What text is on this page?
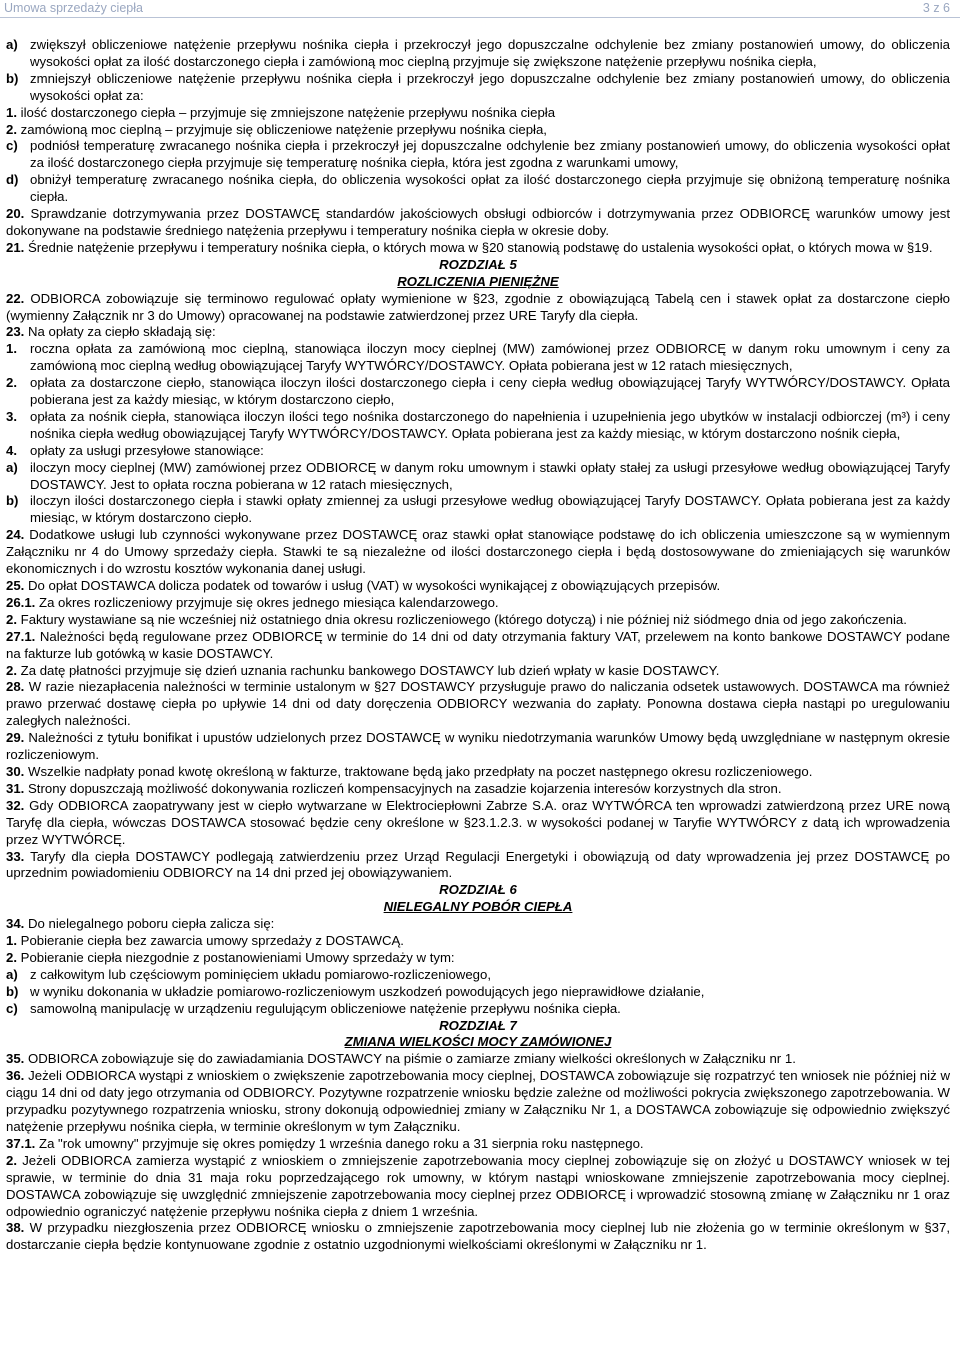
Umowa sprzedaży ciepła	3 z 6

a) zwiększył obliczeniowe natężenie przepływu nośnika ciepła i przekroczył jego dopuszczalne odchylenie bez zmiany postanowień umowy, do obliczenia wysokości opłat za ilość dostarczonego ciepła i zamówioną moc cieplną przyjmuje się zwiększone natężenie przepływu nośnika ciepła,

b) zmniejszył obliczeniowe natężenie przepływu nośnika ciepła i przekroczył jego dopuszczalne odchylenie bez zmiany postanowień umowy, do obliczenia wysokości opłat za:

1. ilość dostarczonego ciepła – przyjmuje się zmniejszone natężenie przepływu nośnika ciepła

2. zamówioną moc cieplną – przyjmuje się obliczeniowe natężenie przepływu nośnika ciepła,

c) podniósł temperaturę zwracanego nośnika ciepła i przekroczył jej dopuszczalne odchylenie bez zmiany postanowień umowy, do obliczenia wysokości opłat za ilość dostarczonego ciepła przyjmuje się temperaturę nośnika ciepła, która jest zgodna z warunkami umowy,

d) obniżył temperaturę zwracanego nośnika ciepła, do obliczenia wysokości opłat za ilość dostarczonego ciepła przyjmuje się obniżoną temperaturę nośnika ciepła.

20. Sprawdzanie dotrzymywania przez DOSTAWCĘ standardów jakościowych obsługi odbiorców i dotrzymywania przez ODBIORCĘ warunków umowy jest dokonywane na podstawie średniego natężenia przepływu i temperatury nośnika ciepła w okresie doby.

21. Średnie natężenie przepływu i temperatury nośnika ciepła, o których mowa w §20 stanowią podstawę do ustalenia wysokości opłat, o których mowa w §19.

ROZDZIAŁ 5

ROZLICZENIA PIENIĘŻNE

22. ODBIORCA zobowiązuje się terminowo regulować opłaty wymienione w §23, zgodnie z obowiązującą Tabelą cen i stawek opłat za dostarczone ciepło (wymienny Załącznik nr 3 do Umowy) opracowanej na podstawie zatwierdzonej przez URE Taryfy dla ciepła.

23. Na opłaty za ciepło składają się:

1. roczna opłata za zamówioną moc cieplną, stanowiąca iloczyn mocy cieplnej (MW) zamówionej przez ODBIORCĘ w danym roku umownym i ceny za zamówioną moc cieplną według obowiązującej Taryfy WYTWÓRCY/DOSTAWCY. Opłata pobierana jest w 12 ratach miesięcznych,

2. opłata za dostarczone ciepło, stanowiąca iloczyn ilości dostarczonego ciepła i ceny ciepła według obowiązującej Taryfy WYTWÓRCY/DOSTAWCY. Opłata pobierana jest za każdy miesiąc, w którym dostarczono ciepło,

3. opłata za nośnik ciepła, stanowiąca iloczyn ilości tego nośnika dostarczonego do napełnienia i uzupełnienia jego ubytków w instalacji odbiorczej (m³) i ceny nośnika ciepła według obowiązującej Taryfy WYTWÓRCY/DOSTAWCY. Opłata pobierana jest za każdy miesiąc, w którym dostarczono nośnik ciepła,

4. opłaty za usługi przesyłowe stanowiące:

a) iloczyn mocy cieplnej (MW) zamówionej przez ODBIORCĘ w danym roku umownym i stawki opłaty stałej za usługi przesyłowe według obowiązującej Taryfy DOSTAWCY. Jest to opłata roczna pobierana w 12 ratach miesięcznych,

b) iloczyn ilości dostarczonego ciepła i stawki opłaty zmiennej za usługi przesyłowe według obowiązującej Taryfy DOSTAWCY. Opłata pobierana jest za każdy miesiąc, w którym dostarczono ciepło.

24. Dodatkowe usługi lub czynności wykonywane przez DOSTAWCĘ oraz stawki opłat stanowiące podstawę do ich obliczenia umieszczone są w wymiennym Załączniku nr 4 do Umowy sprzedaży ciepła. Stawki te są niezależne od ilości dostarczonego ciepła i będą dostosowywane do zmieniających się warunków ekonomicznych i do wzrostu kosztów wykonania danej usługi.

25. Do opłat DOSTAWCA dolicza podatek od towarów i usług (VAT) w wysokości wynikającej z obowiązujących przepisów.

26.1. Za okres rozliczeniowy przyjmuje się okres jednego miesiąca kalendarzowego.

2. Faktury wystawiane są nie wcześniej niż ostatniego dnia okresu rozliczeniowego (którego dotyczą) i nie później niż siódmego dnia od jego zakończenia.

27.1. Należności będą regulowane przez ODBIORCĘ w terminie do 14 dni od daty otrzymania faktury VAT, przelewem na konto bankowe DOSTAWCY podane na fakturze lub gotówką w kasie DOSTAWCY.

2. Za datę płatności przyjmuje się dzień uznania rachunku bankowego DOSTAWCY lub dzień wpłaty w kasie DOSTAWCY.

28. W razie niezapłacenia należności w terminie ustalonym w §27 DOSTAWCY przysługuje prawo do naliczania odsetek ustawowych. DOSTAWCA ma również prawo przerwać dostawę ciepła po upływie 14 dni od daty doręczenia ODBIORCY wezwania do zapłaty. Ponowna dostawa ciepła nastąpi po uregulowaniu zaległych należności.

29. Należności z tytułu bonifikat i upustów udzielonych przez DOSTAWCĘ w wyniku niedotrzymania warunków Umowy będą uwzględniane w następnym okresie rozliczeniowym.

30. Wszelkie nadpłaty ponad kwotę określoną w fakturze, traktowane będą jako przedpłaty na poczet następnego okresu rozliczeniowego.

31. Strony dopuszczają możliwość dokonywania rozliczeń kompensacyjnych na zasadzie kojarzenia interesów korzystnych dla stron.

32. Gdy ODBIORCA zaopatrywany jest w ciepło wytwarzane w Elektrociepłowni Zabrze S.A. oraz WYTWÓRCA ten wprowadzi zatwierdzoną przez URE nową Taryfę dla ciepła, wówczas DOSTAWCA stosować będzie ceny określone w §23.1.2.3. w wysokości podanej w Taryfie WYTWÓRCY z datą ich wprowadzenia przez WYTWÓRCĘ.

33. Taryfy dla ciepła DOSTAWCY podlegają zatwierdzeniu przez Urząd Regulacji Energetyki i obowiązują od daty wprowadzenia jej przez DOSTAWCĘ po uprzednim powiadomieniu ODBIORCY na 14 dni przed jej obowiązywaniem.

ROZDZIAŁ 6

NIELEGALNY POBÓR CIEPŁA

34. Do nielegalnego poboru ciepła zalicza się:

1. Pobieranie ciepła bez zawarcia umowy sprzedaży z DOSTAWCĄ.

2. Pobieranie ciepła niezgodnie z postanowieniami Umowy sprzedaży w tym:

a) z całkowitym lub częściowym pominięciem układu pomiarowo-rozliczeniowego,

b) w wyniku dokonania w układzie pomiarowo-rozliczeniowym uszkodzeń powodujących jego nieprawidłowe działanie,

c) samowolną manipulację w urządzeniu regulującym obliczeniowe natężenie przepływu nośnika ciepła.

ROZDZIAŁ 7

ZMIANA WIELKOŚCI MOCY ZAMÓWIONEJ

35. ODBIORCA zobowiązuje się do zawiadamiania DOSTAWCY na piśmie o zamiarze zmiany wielkości określonych w Załączniku nr 1.

36. Jeżeli ODBIORCA wystąpi z wnioskiem o zwiększenie zapotrzebowania mocy cieplnej, DOSTAWCA zobowiązuje się rozpatrzyć ten wniosek nie później niż w ciągu 14 dni od daty jego otrzymania od ODBIORCY. Pozytywne rozpatrzenie wniosku będzie zależne od możliwości pokrycia zwiększonego zapotrzebowania. W przypadku pozytywnego rozpatrzenia wniosku, strony dokonują odpowiedniej zmiany w Załączniku Nr 1, a DOSTAWCA zobowiązuje się odpowiednio zwiększyć natężenie przepływu nośnika ciepła, w terminie określonym w tym Załączniku.

37.1. Za "rok umowny" przyjmuje się okres pomiędzy 1 września danego roku a 31 sierpnia roku następnego.

2. Jeżeli ODBIORCA zamierza wystąpić z wnioskiem o zmniejszenie zapotrzebowania mocy cieplnej zobowiązuje się on złożyć u DOSTAWCY wniosek w tej sprawie, w terminie do dnia 31 maja roku poprzedzającego rok umowny, w którym nastąpi wnioskowane zmniejszenie zapotrzebowania mocy cieplnej. DOSTAWCA zobowiązuje się uwzględnić zmniejszenie zapotrzebowania mocy cieplnej przez ODBIORCĘ i wprowadzić stosowną zmianę w Załączniku nr 1 oraz odpowiednio ograniczyć natężenie przepływu nośnika ciepła z dniem 1 września.

38. W przypadku niezgłoszenia przez ODBIORCĘ wniosku o zmniejszenie zapotrzebowania mocy cieplnej lub nie złożenia go w terminie określonym w §37, dostarczanie ciepła będzie kontynuowane zgodnie z ostatnio uzgodnionymi wielkościami określonymi w Załączniku nr 1.
